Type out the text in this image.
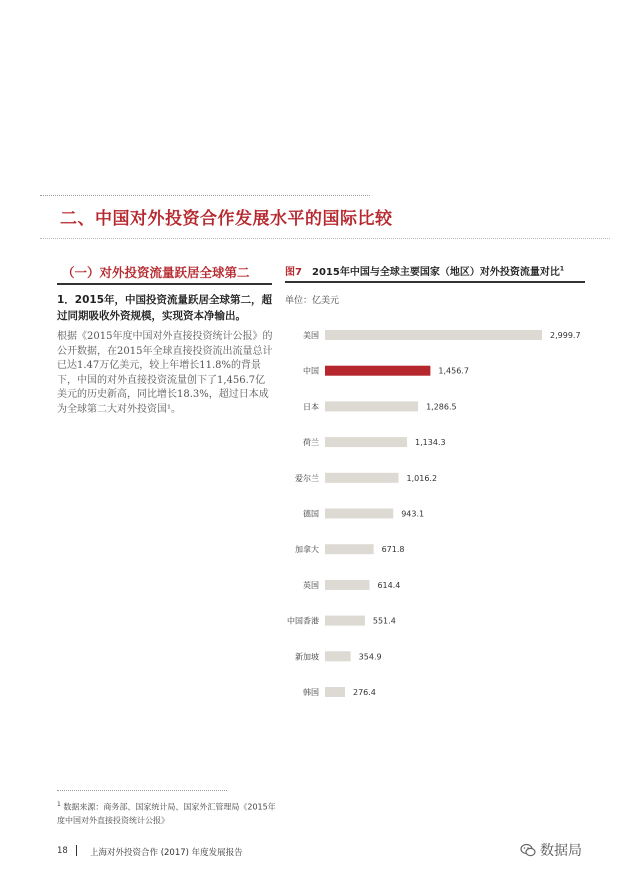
二、中国对外投资合作发展水平的国际比较
（一）对外投资流量跃居全球第二
1．2015年，中国投资流量跃居全球第二，超过同期吸收外资规模，实现资本净输出。
根据《2015年度中国对外直接投资统计公报》的公开数据，在2015年全球直接投资流出流量总计已达1.47万亿美元，较上年增长11.8%的背景下，中国的对外直接投资流量创下了1,456.7亿美元的历史新高，同比增长18.3%，超过日本成为全球第二大对外投资国¹。
图7 2015年中国与全球主要国家（地区）对外投资流量对比$^1$
单位：亿美元
美国	2,999.7
中国	1,456.7
日本	1,286.5
荷兰	1,134.3
爱尔兰	1,016.2
德国	943.1
加拿大	671.8
英国	614.4
中国香港	551.4
新加坡	354.9
韩国	276.4
$^1$ 数据来源：商务部、国家统计局、国家外汇管理局《2015年度中国对外直接投资统计公报》
18	上海对外投资合作 (2017) 年度发展报告	数据局
